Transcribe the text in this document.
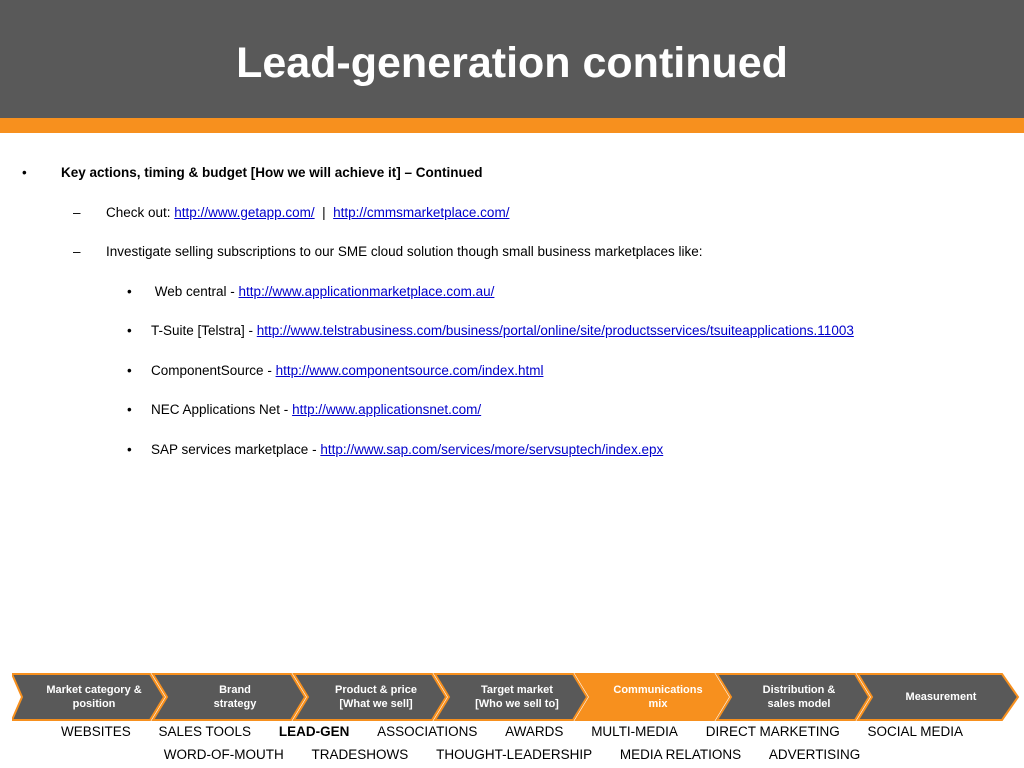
Lead-generation continued
•	Key actions, timing & budget [How we will achieve it] – Continued
– Check out: http://www.getapp.com/  |  http://cmmsmarketplace.com/
– Investigate selling subscriptions to our SME cloud solution though small business marketplaces like:
• Web central - http://www.applicationmarketplace.com.au/
• T-Suite [Telstra] - http://www.telstrabusiness.com/business/portal/online/site/productsservices/tsuiteapplications.11003
• ComponentSource - http://www.componentsource.com/index.html
• NEC Applications Net - http://www.applicationsnet.com/
• SAP services marketplace - http://www.sap.com/services/more/servsuptech/index.epx
Market category &
position
Brand
strategy
Product & price
[What we sell]
Target market
[Who we sell to]
Communications
mix
Distribution &
sales model
Measurement
WEBSITES SALES TOOLS LEAD-GEN ASSOCIATIONS AWARDS MULTI-MEDIA DIRECT MARKETING SOCIAL MEDIA
WORD-OF-MOUTH TRADESHOWS THOUGHT-LEADERSHIP MEDIA RELATIONS ADVERTISING
